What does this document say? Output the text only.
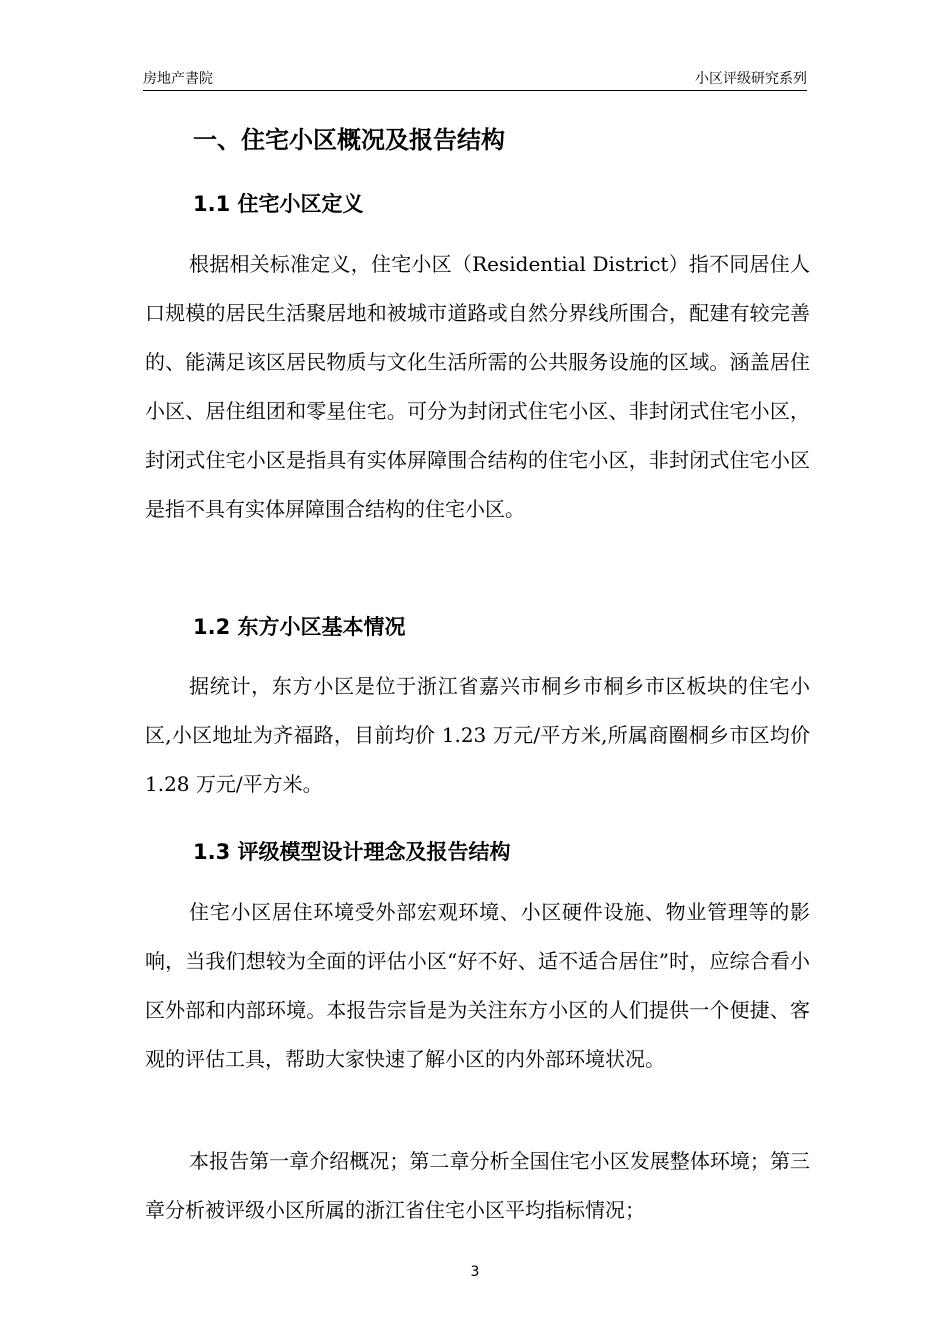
房地产書院	小区评级研究系列
一、住宅小区概况及报告结构
1.1 住宅小区定义

根据相关标准定义，住宅小区（Residential District）指不同居住人口规模的居民生活聚居地和被城市道路或自然分界线所围合，配建有较完善的、能满足该区居民物质与文化生活所需的公共服务设施的区域。涵盖居住小区、居住组团和零星住宅。可分为封闭式住宅小区、非封闭式住宅小区，封闭式住宅小区是指具有实体屏障围合结构的住宅小区，非封闭式住宅小区是指不具有实体屏障围合结构的住宅小区。

1.2 东方小区基本情况

据统计，东方小区是位于浙江省嘉兴市桐乡市桐乡市区板块的住宅小区,小区地址为齐福路，目前均价 1.23 万元/平方米,所属商圈桐乡市区均价 1.28 万元/平方米。

1.3 评级模型设计理念及报告结构

住宅小区居住环境受外部宏观环境、小区硬件设施、物业管理等的影响，当我们想较为全面的评估小区“好不好、适不适合居住”时，应综合看小区外部和内部环境。本报告宗旨是为关注东方小区的人们提供一个便捷、客观的评估工具，帮助大家快速了解小区的内外部环境状况。

本报告第一章介绍概况；第二章分析全国住宅小区发展整体环境；第三章分析被评级小区所属的浙江省住宅小区平均指标情况；

3
